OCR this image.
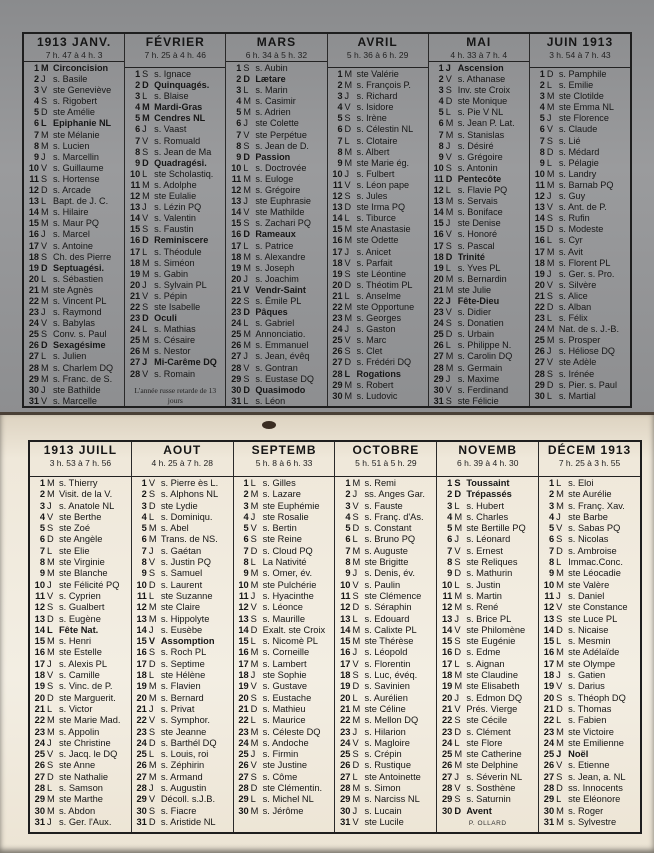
1913 JANV.
7 h. 47 à 4 h. 3
1 M Circoncision
2 J s. Basile
3 V ste Geneviève
4 S s. Rigobert
5 D ste Amélie
6 L Epiphanie NL
7 M ste Mélanie
8 M s. Lucien
9 J s. Marcellin
10 V s. Guillaume
11 S s. Hortense
12 D s. Arcade
13 L Bapt. de J. C.
14 M s. Hilaire
15 M s. Maur PQ
16 J s. Marcel
17 V s. Antoine
18 S Ch. des Pierre
19 D Septuagési.
20 L s. Sébastien
21 M ste Agnès
22 M s. Vincent PL
23 J s. Raymond
24 V s. Babylas
25 S Conv. s. Paul
26 D Sexagésime
27 L s. Julien
28 M s. Charlem DQ
29 M s. Franc. de S.
30 J ste Bathilde
31 V s. Marcelle
FÉVRIER
7 h. 25 à 4 h. 46
1 S s. Ignace
2 D Quinquagés.
3 L s. Blaise
4 M Mardi-Gras
5 M Cendres NL
6 J s. Vaast
7 V s. Romuald
8 S s. Jean de Ma
9 D Quadragési.
10 L ste Scholastiq.
11 M s. Adolphe
12 M ste Eulalie
13 J s. Lézin PQ
14 V s. Valentin
15 S s. Faustin
16 D Reminiscere
17 L s. Théodule
18 M s. Siméon
19 M s. Gabin
20 J s. Sylvain PL
21 V s. Pépin
22 S ste Isabelle
23 D Oculi
24 L s. Mathias
25 M s. Césaire
26 M s. Nestor
27 J Mi-Carême DQ
28 V s. Romain
L'année russe retarde de 13 jours
MARS
6 h. 34 à 5 h. 32
1 S s. Aubin
2 D Lætare
3 L s. Marin
4 M s. Casimir
5 M s. Adrien
6 J ste Colette
7 V ste Perpétue
8 S s. Jean de D.
9 D Passion
10 L s. Doctrovée
11 M s. Euloge
12 M s. Grégoire
13 J ste Euphrasie
14 V ste Mathilde
15 S s. Zachari PQ
16 D Rameaux
17 L s. Patrice
18 M s. Alexandre
19 M s. Joseph
20 J s. Joachim
21 V Vendr-Saint
22 S s. Émile PL
23 D Pâques
24 L s. Gabriel
25 M Annonciatio.
26 M s. Emmanuel
27 J s. Jean, évêq
28 V s. Gontran
29 S s. Eustase DQ
30 D Quasimodo
31 L s. Léon
AVRIL
5 h. 36 à 6 h. 29
1 M ste Valérie
2 M s. François P.
3 J s. Richard
4 V s. Isidore
5 S s. Irène
6 D s. Célestin NL
7 L s. Clotaire
8 M s. Albert
9 M ste Marie ég.
10 J s. Fulbert
11 V s. Léon pape
12 S s. Jules
13 D ste Irma PQ
14 L s. Tiburce
15 M ste Anastasie
16 M ste Odette
17 J s. Anicet
18 V s. Parfait
19 S ste Léontine
20 D s. Théotim PL
21 L s. Anselme
22 M ste Opportune
23 M s. Georges
24 J s. Gaston
25 V s. Marc
26 S s. Clet
27 D s. Frédéri DQ
28 L Rogations
29 M s. Robert
30 M s. Ludovic
MAI
4 h. 33 à 7 h. 4
1 J Ascension
2 V s. Athanase
3 S Inv. ste Croix
4 D ste Monique
5 L s. Pie V NL
6 M s. Jean P. Lat.
7 M s. Stanislas
8 J s. Désiré
9 V s. Grégoire
10 S s. Antonin
11 D Pentecôte
12 L s. Flavie PQ
13 M s. Servais
14 M s. Boniface
15 J ste Denise
16 V s. Honoré
17 S s. Pascal
18 D Trinité
19 L s. Yves PL
20 M s. Bernardin
21 M ste Julie
22 J Fête-Dieu
23 V s. Didier
24 S s. Donatien
25 D s. Urbain
26 L s. Philippe N.
27 M s. Carolin DQ
28 M s. Germain
29 J s. Maxime
30 V s. Ferdinand
31 S ste Félicie
JUIN 1913
3 h. 54 à 7 h. 43
1 D s. Pamphile
2 L s. Emilie
3 M ste Clotilde
4 M ste Emma NL
5 J ste Florence
6 V s. Claude
7 S s. Lié
8 D s. Médard
9 L s. Pélagie
10 M s. Landry
11 M s. Barnab PQ
12 J s. Guy
13 V s. Ant. de P.
14 S s. Rufin
15 D s. Modeste
16 L s. Cyr
17 M s. Avit
18 M s. Florent PL
19 J s. Ger. s. Pro.
20 V s. Silvère
21 S s. Alice
22 D s. Alban
23 L s. Félix
24 M Nat. de s. J.-B.
25 M s. Prosper
26 J s. Héliose DQ
27 V ste Adèle
28 S s. Irénée
29 D s. Pier. s. Paul
30 L s. Martial
1913 JUILL
3 h. 53 à 7 h. 56
1 M s. Thierry
2 M Visit. de la V.
3 J s. Anatole NL
4 V ste Berthe
5 S ste Zoé
6 D ste Angèle
7 L ste Elie
8 M ste Virginie
9 M ste Blanche
10 J ste Félicité PQ
11 V s. Cyprien
12 S s. Gualbert
13 D s. Eugène
14 L Fête Nat.
15 M s. Henri
16 M ste Estelle
17 J s. Alexis PL
18 V s. Camille
19 S s. Vinc. de P.
20 D ste Marguerit.
21 L s. Victor
22 M ste Marie Mad.
23 M s. Appolin
24 J ste Christine
25 V s. Jacq. le DQ
26 S ste Anne
27 D ste Nathalie
28 L s. Samson
29 M ste Marthe
30 M s. Abdon
31 J s. Ger. l'Aux.
AOUT
4 h. 25 à 7 h. 28
1 V s. Pierre ès L.
2 S s. Alphons NL
3 D ste Lydie
4 L s. Dominiqu.
5 M s. Abel
6 M Trans. de NS.
7 J s. Gaétan
8 V s. Justin PQ
9 S s. Samuel
10 D s. Laurent
11 L ste Suzanne
12 M ste Claire
13 M s. Hippolyte
14 J s. Eusèbe
15 V Assomption
16 S s. Roch PL
17 D s. Septime
18 L ste Hélène
19 M s. Flavien
20 M s. Bernard
21 J s. Privat
22 V s. Symphor.
23 S ste Jeanne
24 D s. Barthél DQ
25 L s. Louis, roi
26 M s. Zéphirin
27 M s. Armand
28 J s. Augustin
29 V Décoll. s.J.B.
30 S s. Fiacre
31 D s. Aristide NL
SEPTEMB
5 h. 8 à 6 h. 33
1 L s. Gilles
2 M s. Lazare
3 M ste Euphémie
4 J ste Rosalie
5 V s. Bertin
6 S ste Reine
7 D s. Cloud PQ
8 L La Nativité
9 M s. Omer, év.
10 M ste Pulchérie
11 J s. Hyacinthe
12 V s. Léonce
13 S s. Maurille
14 D Exalt. ste Croix
15 L s. Nicomè PL
16 M s. Corneille
17 M s. Lambert
18 J ste Sophie
19 V s. Gustave
20 S s. Eustache
21 D s. Mathieu
22 L s. Maurice
23 M s. Céleste DQ
24 M s. Andoche
25 J s. Firmin
26 V ste Justine
27 S s. Côme
28 D ste Clémentin.
29 L s. Michel NL
30 M s. Jérôme
OCTOBRE
5 h. 51 à 5 h. 29
1 M s. Remi
2 J ss. Anges Gar.
3 V s. Fauste
4 S s. Franç. d'As.
5 D s. Constant
6 L s. Bruno PQ
7 M s. Auguste
8 M ste Brigitte
9 J s. Denis, év.
10 V s. Paulin
11 S ste Clémence
12 D s. Séraphin
13 L s. Edouard
14 M s. Calixte PL
15 M ste Thérèse
16 J s. Léopold
17 V s. Florentin
18 S s. Luc, évéq.
19 D s. Savinien
20 L s. Aurélien
21 M ste Céline
22 M s. Mellon DQ
23 J s. Hilarion
24 V s. Magloire
25 S s. Crépin
26 D s. Rustique
27 L ste Antoinette
28 M s. Simon
29 M s. Narciss NL
30 J s. Lucain
31 V ste Lucile
NOVEMB
6 h. 39 à 4 h. 30
1 S Toussaint
2 D Trépassés
3 L s. Hubert
4 M s. Charles
5 M ste Bertille PQ
6 J s. Léonard
7 V s. Ernest
8 S ste Reliques
9 D s. Mathurin
10 L s. Justin
11 M s. Martin
12 M s. René
13 J s. Brice PL
14 V ste Philomène
15 S ste Eugénie
16 D s. Edme
17 L s. Aignan
18 M ste Claudine
19 M ste Elisabeth
20 J s. Edmon DQ
21 V Prés. Vierge
22 S ste Cécile
23 D s. Clément
24 L ste Flore
25 M ste Catherine
26 M ste Delphine
27 J s. Séverin NL
28 V s. Sosthène
29 S s. Saturnin
30 D Avent
P. OLLARD
DÉCEM 1913
7 h. 25 à 3 h. 55
1 L s. Eloi
2 M ste Aurélie
3 M s. Franç. Xav.
4 J ste Barbe
5 V s. Sabas PQ
6 S s. Nicolas
7 D s. Ambroise
8 L Immac.Conc.
9 M ste Léocadie
10 M ste Valère
11 J s. Daniel
12 V ste Constance
13 S ste Luce PL
14 D s. Nicaise
15 L s. Mesmin
16 M ste Adélaïde
17 M ste Olympe
18 J s. Gatien
19 V s. Darius
20 S s. Théoph DQ
21 D s. Thomas
22 L s. Fabien
23 M ste Victoire
24 M ste Emilienne
25 J Noël
26 V s. Etienne
27 S s. Jean, a. NL
28 D ss. Innocents
29 L ste Eléonore
30 M s. Roger
31 M s. Sylvestre
